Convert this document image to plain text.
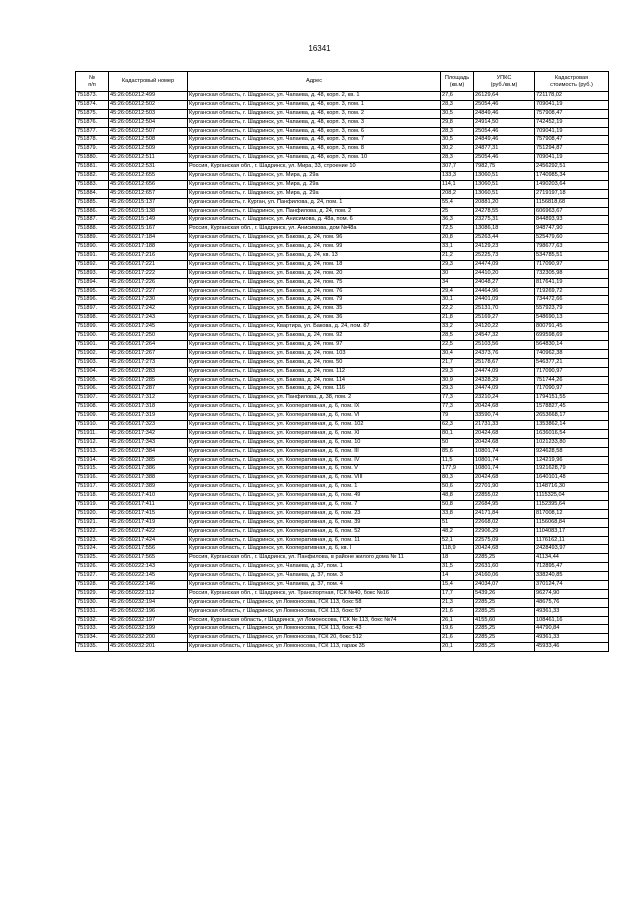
16341
№
п/п	Кадастровый номер	Адрес	Площадь
(кв.м)	УПКС
(руб./кв.м)	Кадастровая
стоимость (руб.)
751873.	45:26:050212:499	Курганская область, г. Шадринск, ул. Чапаева, д. 48, корп. 2, кв. 1	27,6	26129,64	721178,02
751874.	45:26:050212:502	Курганская область, г. Шадринск, ул. Чапаева, д. 48, корп. 3, пом. 1	28,3	25054,46	709041,19
751875.	45:26:050212:503	Курганская область, г. Шадринск, ул. Чапаева, д. 48, корп. 3, пом. 2	30,5	24849,46	757908,47
751876.	45:26:050212:504	Курганская область, г. Шадринск, ул. Чапаева, д. 48, корп. 3, пом. 3	29,8	24914,50	742452,19
751877.	45:26:050212:507	Курганская область, г. Шадринск, ул. Чапаева, д. 48, корп. 3, пом. 6	28,3	25054,46	709041,19
751878.	45:26:050212:508	Курганская область, г. Шадринск, ул. Чапаева, д. 48, корп. 3, пом. 7	30,5	24849,46	757908,47
751879.	45:26:050212:509	Курганская область, г. Шадринск, ул. Чапаева, д. 48, корп. 3, пом. 8	30,2	24877,31	751294,87
751880.	45:26:050212:511	Курганская область, г. Шадринск, ул. Чапаева, д. 48, корп. 3, пом. 10	28,3	25054,46	709041,19
751881.	45:26:050212:531	Россия, Курганская обл., г. Шадринск, ул. Мира, 33, строение 10	307,7	7982,75	2456292,51
751882.	45:26:050212:655	Курганская область, г. Шадринск, ул. Мира, д. 29а	133,3	13060,51	1740985,34
751883.	45:26:050212:656	Курганская область, г. Шадринск, ул. Мира, д. 29а	114,1	13060,51	1490203,64
751884.	45:26:050212:657	Курганская область, г. Шадринск, ул. Мира, д. 29а	208,2	13060,51	2719197,18
751885.	45:26:050215:137	Курганская область, г. Курган, ул. Панфилова, д. 24, пом. 1	55,4	20881,20	1156818,68
751886.	45:26:050215:138	Курганская область, г. Шадринск, ул. Панфилова, д. 24, пом. 2	25	24278,55	606963,67
751887.	45:26:050215:149	Курганская область, г. Шадринск, ул. Анисимова, д. 48а, пом. 6	36,3	23275,31	844893,93
751888.	45:26:050215:167	Россия, Курганская обл., г. Шадринск, ул. Анисимова, дом №48а	72,5	13086,18	948747,90
751889.	45:26:050217:184	Курганская область, г. Шадринск, ул. Бакова, д. 24, пом. 96	20,8	25263,44	525479,60
751890.	45:26:050217:188	Курганская область, г. Шадринск, ул. Бакова, д. 24, пом. 99	33,1	24129,23	798677,63
751891.	45:26:050217:216	Курганская область, г. Шадринск, ул. Бакова, д. 24, кв. 13	21,2	25225,73	534785,51
751892.	45:26:050217:221	Курганская область, г. Шадринск, ул. Бакова, д. 24, пом. 18	29,3	24474,09	717090,97
751893.	45:26:050217:222	Курганская область, г. Шадринск, ул. Бакова, д. 24, пом. 20	30	24410,20	732305,98
751894.	45:26:050217:226	Курганская область, г. Шадринск, ул. Бакова, д. 24, пом. 75	34	24048,27	817641,19
751895.	45:26:050217:227	Курганская область, г. Шадринск, ул. Бакова, д. 24, пом. 76	29,4	24464,96	719269,72
751896.	45:26:050217:230	Курганская область, г. Шадринск, ул. Бакова, д. 24, пом. 79	30,1	24401,09	734472,66
751897.	45:26:050217:242	Курганская область, г. Шадринск, ул. Бакова, д. 24, пом. 35	22,2	25131,70	557923,79
751898.	45:26:050217:243	Курганская область, г. Шадринск, ул. Бакова, д. 24, пом. 36	21,8	25169,27	548690,13
751899.	45:26:050217:245	Курганская область, г. Шадринск, Квартира, ул. Бакова, д. 24, пом. 87	33,2	24120,22	800791,45
751900.	45:26:050217:250	Курганская область, г. Шадринск, ул. Бакова, д. 24, пом. 92	28,5	24547,32	699598,69
751901.	45:26:050217:264	Курганская область, г. Шадринск, ул. Бакова, д. 24, пом. 97	22,5	25103,56	564830,14
751902.	45:26:050217:267	Курганская область, г. Шадринск, ул. Бакова, д. 24, пом. 103	30,4	24373,76	740962,38
751903.	45:26:050217:273	Курганская область, г. Шадринск, ул. Бакова, д. 24, пом. 50	21,7	25178,67	546377,21
751904.	45:26:050217:283	Курганская область, г. Шадринск, ул. Бакова, д. 24, пом. 112	29,3	24474,09	717090,97
751905.	45:26:050217:285	Курганская область, г. Шадринск, ул. Бакова, д. 24, пом. 114	30,9	24328,29	751744,26
751906.	45:26:050217:287	Курганская область, г. Шадринск, ул. Бакова, д. 24, пом. 116	29,3	24474,09	717090,97
751907.	45:26:050217:312	Курганская область, г. Шадринск, ул. Панфилова, д. 38, пом. 2	77,3	23210,24	1794151,55
751908.	45:26:050217:318	Курганская область, г. Шадринск, ул. Кооперативная, д. 6, пом. IX	77,3	20424,68	1578827,45
751909.	45:26:050217:319	Курганская область, г. Шадринск, ул. Кооперативная, д. 6, пом. VI	79	33590,74	2653668,17
751910.	45:26:050217:323	Курганская область, г. Шадринск, ул. Кооперативная, д. 6, пом. 102	62,3	21731,33	1353862,14
751911.	45:26:050217:342	Курганская область, г. Шадринск, ул. Кооперативная, д. 6, пом. XI	80,1	20424,68	1636016,54
751912.	45:26:050217:343	Курганская область, г. Шадринск, ул. Кооперативная, д. 6, пом. 10	50	20424,68	1021233,80
751913.	45:26:050217:384	Курганская область, г. Шадринск, ул. Кооперативная, д. 6, пом. III	85,6	10801,74	924628,58
751914.	45:26:050217:385	Курганская область, г. Шадринск, ул. Кооперативная, д. 6, пом. IV	11,5	10801,74	124219,96
751915.	45:26:050217:386	Курганская область, г. Шадринск, ул. Кооперативная, д. 6, пом. V	177,9	10801,74	1921628,79
751916.	45:26:050217:388	Курганская область, г. Шадринск, ул. Кооперативная, д. 6, пом. VIII	80,3	20424,68	1640101,48
751917.	45:26:050217:389	Курганская область, г. Шадринск, ул. Кооперативная, д. 6, пом. 1	50,6	22701,90	1148716,30
751918.	45:26:050217:410	Курганская область, г. Шадринск, ул. Кооперативная, д. 6, пом. 49	48,8	22855,02	1115325,04
751919.	45:26:050217:411	Курганская область, г. Шадринск, ул. Кооперативная, д. 6, пом. 7	50,8	22684,95	1152395,64
751920.	45:26:050217:415	Курганская область, г. Шадринск, ул. Кооперативная, д. 6, пом. 23	33,8	24171,84	817008,12
751921.	45:26:050217:419	Курганская область, г. Шадринск, ул. Кооперативная, д. 6, пом. 39	51	22668,02	1156068,84
751922.	45:26:050217:422	Курганская область, г. Шадринск, ул. Кооперативная, д. 6, пом. 52	48,2	22906,29	1104083,17
751923.	45:26:050217:424	Курганская область, г. Шадринск, ул. Кооперативная, д. 6, пом. 11	52,1	22575,09	1176162,11
751924.	45:26:050217:556	Курганская область, г. Шадринск, ул. Кооперативная, д. 6, кв. I	118,9	20424,68	2428493,97
751925.	45:26:050217:565	Россия, Курганская обл., г. Шадринск, ул. Панфилова, в районе жилого дома № 11	18	2285,25	41134,44
751926.	45:26:050222:143	Курганская область, г. Шадринск, ул. Чапаева, д. 37, пом. 1	31,5	22631,60	712895,47
751927.	45:26:050222:145	Курганская область, г. Шадринск, ул. Чапаева, д. 37, пом. 3	14	24160,06	338240,85
751928.	45:26:050222:146	Курганская область, г. Шадринск, ул. Чапаева, д. 37, пом. 4	15,4	24034,07	370124,74
751929.	45:26:050222:112	Россия, Курганская обл., г. Шадринск, ул. Транспортная, ГСК №40, бокс №16	17,7	5439,26	96274,90
751930.	45:26:050232:194	Курганская область, г Шадринск, ул Ломоносова, ГСК 113, бокс 58	21,3	2285,25	48675,76
751931.	45:26:050232:196	Курганская область, г Шадринск, ул Ломоносова, ГСК 113, бокс 57	21,6	2285,25	49361,33
751932.	45:26:050232:197	Россия, Курганская область, г Шадринск, ул Ломоносова, ГСК № 113, бокс №74	26,1	4155,60	108461,16
751933.	45:26:050232:199	Курганская область, г Шадринск, ул Ломоносова, ГСК 113, бокс 43	19,6	2285,25	44790,84
751934.	45:26:050232:200	Курганская область, г Шадринск, ул Ломоносова, ГСК 20, бокс 512	21,6	2285,25	49361,33
751935.	45:26:050232:201	Курганская область, г Шадринск, ул Ломоносова, ГСК 113, гараж 35	20,1	2285,25	45933,46
